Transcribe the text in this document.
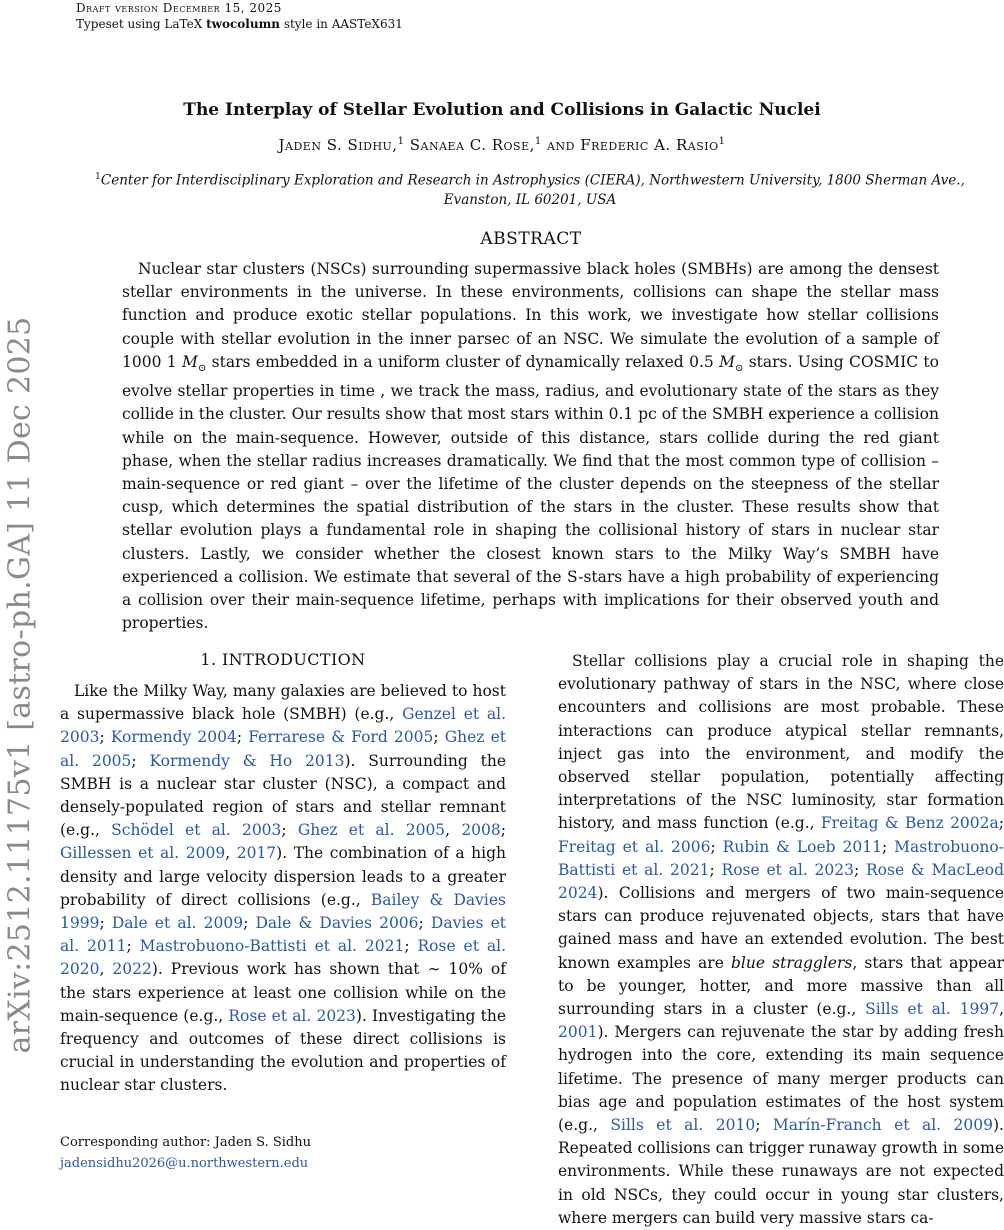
Draft version December 15, 2025
Typeset using LaTeX twocolumn style in AASTeX631
arXiv:2512.11175v1 [astro-ph.GA] 11 Dec 2025
The Interplay of Stellar Evolution and Collisions in Galactic Nuclei
Jaden S. Sidhu,$^1$ Sanaea C. Rose,$^1$ and Frederic A. Rasio$^1$
$^1$Center for Interdisciplinary Exploration and Research in Astrophysics (CIERA), Northwestern University, 1800 Sherman Ave.,
Evanston, IL 60201, USA
ABSTRACT
Nuclear star clusters (NSCs) surrounding supermassive black holes (SMBHs) are among the densest stellar environments in the universe. In these environments, collisions can shape the stellar mass function and produce exotic stellar populations. In this work, we investigate how stellar collisions couple with stellar evolution in the inner parsec of an NSC. We simulate the evolution of a sample of 1000 1 $M_⊙$ stars embedded in a uniform cluster of dynamically relaxed 0.5 $M_⊙$ stars. Using COSMIC to evolve stellar properties in time , we track the mass, radius, and evolutionary state of the stars as they collide in the cluster. Our results show that most stars within 0.1 pc of the SMBH experience a collision while on the main-sequence. However, outside of this distance, stars collide during the red giant phase, when the stellar radius increases dramatically. We find that the most common type of collision – main-sequence or red giant – over the lifetime of the cluster depends on the steepness of the stellar cusp, which determines the spatial distribution of the stars in the cluster. These results show that stellar evolution plays a fundamental role in shaping the collisional history of stars in nuclear star clusters. Lastly, we consider whether the closest known stars to the Milky Way’s SMBH have experienced a collision. We estimate that several of the S-stars have a high probability of experiencing a collision over their main-sequence lifetime, perhaps with implications for their observed youth and properties.
1. INTRODUCTION

Like the Milky Way, many galaxies are believed to host a supermassive black hole (SMBH) (e.g., Genzel et al. 2003; Kormendy 2004; Ferrarese & Ford 2005; Ghez et al. 2005; Kormendy & Ho 2013). Surrounding the SMBH is a nuclear star cluster (NSC), a compact and densely-populated region of stars and stellar remnant (e.g., Schödel et al. 2003; Ghez et al. 2005, 2008; Gillessen et al. 2009, 2017). The combination of a high density and large velocity dispersion leads to a greater probability of direct collisions (e.g., Bailey & Davies 1999; Dale et al. 2009; Dale & Davies 2006; Davies et al. 2011; Mastrobuono-Battisti et al. 2021; Rose et al. 2020, 2022). Previous work has shown that ∼ 10% of the stars experience at least one collision while on the main-sequence (e.g., Rose et al. 2023). Investigating the frequency and outcomes of these direct collisions is crucial in understanding the evolution and properties of nuclear star clusters.

Stellar collisions play a crucial role in shaping the evolutionary pathway of stars in the NSC, where close encounters and collisions are most probable. These interactions can produce atypical stellar remnants, inject gas into the environment, and modify the observed stellar population, potentially affecting interpretations of the NSC luminosity, star formation history, and mass function (e.g., Freitag & Benz 2002a; Freitag et al. 2006; Rubin & Loeb 2011; Mastrobuono-Battisti et al. 2021; Rose et al. 2023; Rose & MacLeod 2024). Collisions and mergers of two main-sequence stars can produce rejuvenated objects, stars that have gained mass and have an extended evolution. The best known examples are blue stragglers, stars that appear to be younger, hotter, and more massive than all surrounding stars in a cluster (e.g., Sills et al. 1997, 2001). Mergers can rejuvenate the star by adding fresh hydrogen into the core, extending its main sequence lifetime. The presence of many merger products can bias age and population estimates of the host system (e.g., Sills et al. 2010; Marín-Franch et al. 2009). Repeated collisions can trigger runaway growth in some environments. While these runaways are not expected in old NSCs, they could occur in young star clusters, where mergers can build very massive stars ca-

Corresponding author: Jaden S. Sidhu
jadensidhu2026@u.northwestern.edu
